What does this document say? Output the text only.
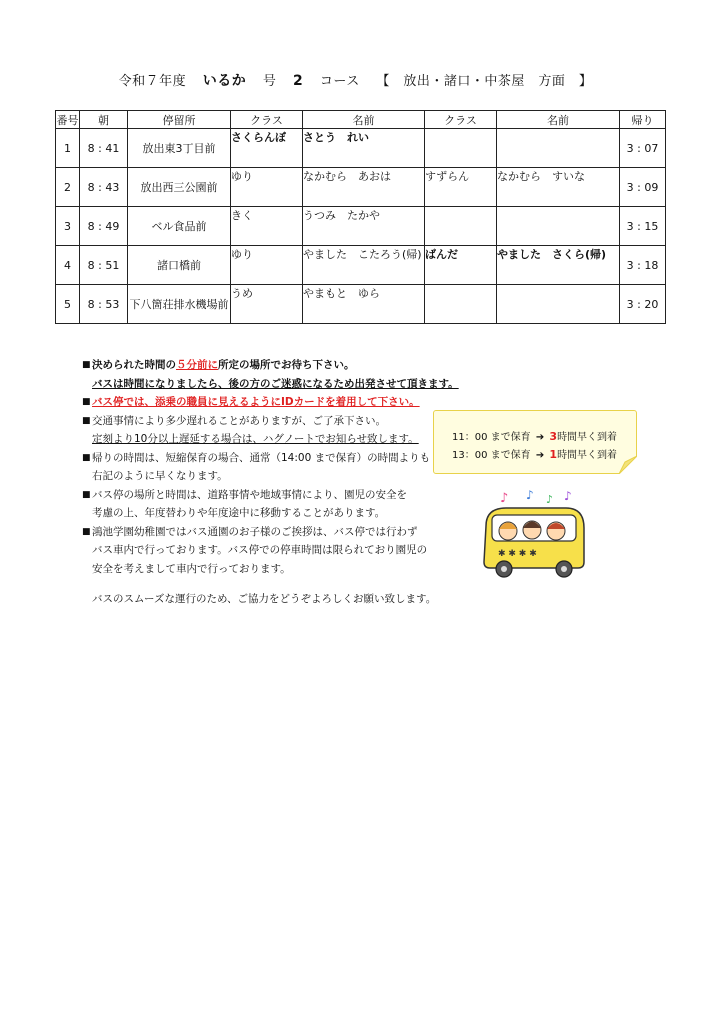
令和７年度 いるか 号 2 コース 【　放出・諸口・中茶屋　方面　】
番号	朝	停留所	クラス	名前	クラス	名前	帰り
1	8 : 41	放出東3丁目前	さくらんぼ	さとう　れい			3 : 07
2	8 : 43	放出西三公園前	ゆり	なかむら　あおは	すずらん	なかむら　すいな	3 : 09
3	8 : 49	ベル食品前	きく	うつみ　たかや			3 : 15
4	8 : 51	諸口橋前	ゆり	やました　こたろう(帰)	ばんだ	やました　さくら(帰)	3 : 18
5	8 : 53	下八箇荘排水機場前	うめ	やまもと　ゆら			3 : 20
■ 決められた時間の５分前に所定の場所でお待ち下さい。
バスは時間になりましたら、後の方のご迷惑になるため出発させて頂きます。
■ バス停では、添乗の職員に見えるようにIDカードを着用して下さい。
■ 交通事情により多少遅れることがありますが、ご了承下さい。
定刻より10分以上遅延する場合は、ハグノートでお知らせ致します。
■ 帰りの時間は、短縮保育の場合、通常（14:00 まで保育）の時間よりも
右記のように早くなります。
■ バス停の場所と時間は、道路事情や地域事情により、園児の安全を
考慮の上、年度替わりや年度途中に移動することがあります。
■ 鴻池学園幼稚園ではバス通園のお子様のご挨拶は、バス停では行わず
バス車内で行っております。バス停での停車時間は限られており園児の
安全を考えまして車内で行っております。
バスのスムーズな運行のため、ご協力をどうぞよろしくお願い致します。
11：00 まで保育 ➔ 3時間早く到着
13：00 まで保育 ➔ 1時間早く到着
♪ ♪ ♪ ♪
✱ ✱ ✱ ✱
